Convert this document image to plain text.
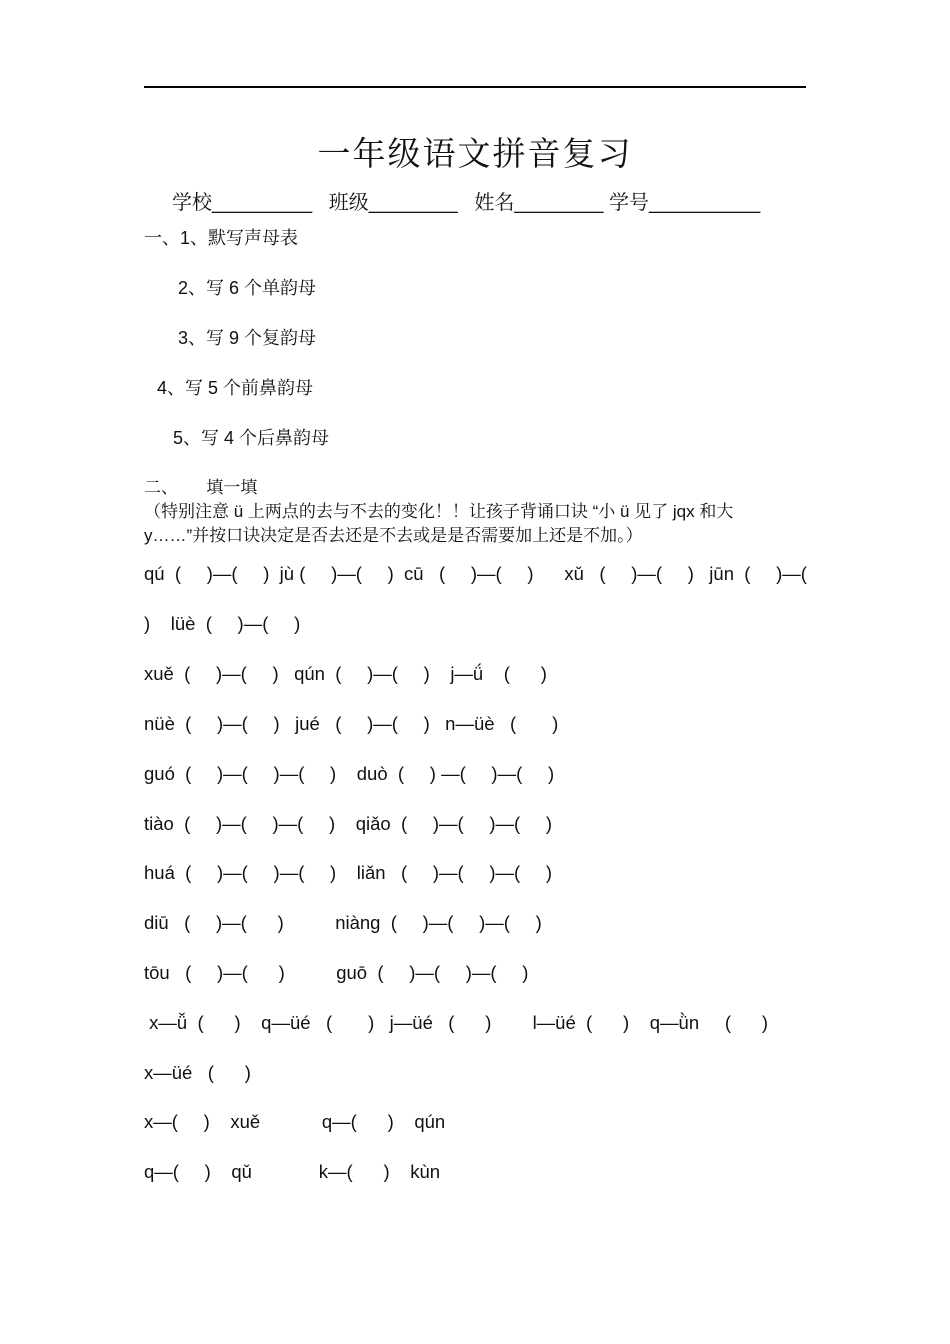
一年级语文拼音复习
学校_________   班级________   姓名________ 学号__________
一、1、默写声母表
2、写 6 个单韵母
3、写 9 个复韵母
4、写 5 个前鼻韵母
5、写 4 个后鼻韵母
二、      填一填
（特别注意 ü 上两点的去与不去的变化！！让孩子背诵口诀 “小 ü 见了 jqx 和大
y……”并按口诀决定是否去还是不去或是是否需要加上还是不加。）
qú  (     )—(     )  jù (     )—(     )  cū   (     )—(     )      xǔ   (     )—(     )   jūn  (     )—(
)    lüè  (     )—(     )
xuě  (     )—(     )   qún  (     )—(     )    j—ǘ    (      )
nüè  (     )—(     )   jué   (     )—(     )   n—üè   (       )
guó  (     )—(     )—(     )    duò  (     ) —(     )—(     )
tiào  (     )—(     )—(     )    qiǎo  (     )—(     )—(     )
huá  (     )—(     )—(     )    liǎn   (     )—(     )—(     )
diū   (     )—(      )          niàng  (     )—(     )—(     )
tōu   (     )—(      )          guō  (     )—(     )—(     )
x—ǚ  (      )    q—üé   (       )   j—üé   (      )        l—üé  (      )    q—ǜn     (      )
x—üé   (      )
x—(     )    xuě            q—(      )    qún
q—(     )    qǔ             k—(      )    kùn
